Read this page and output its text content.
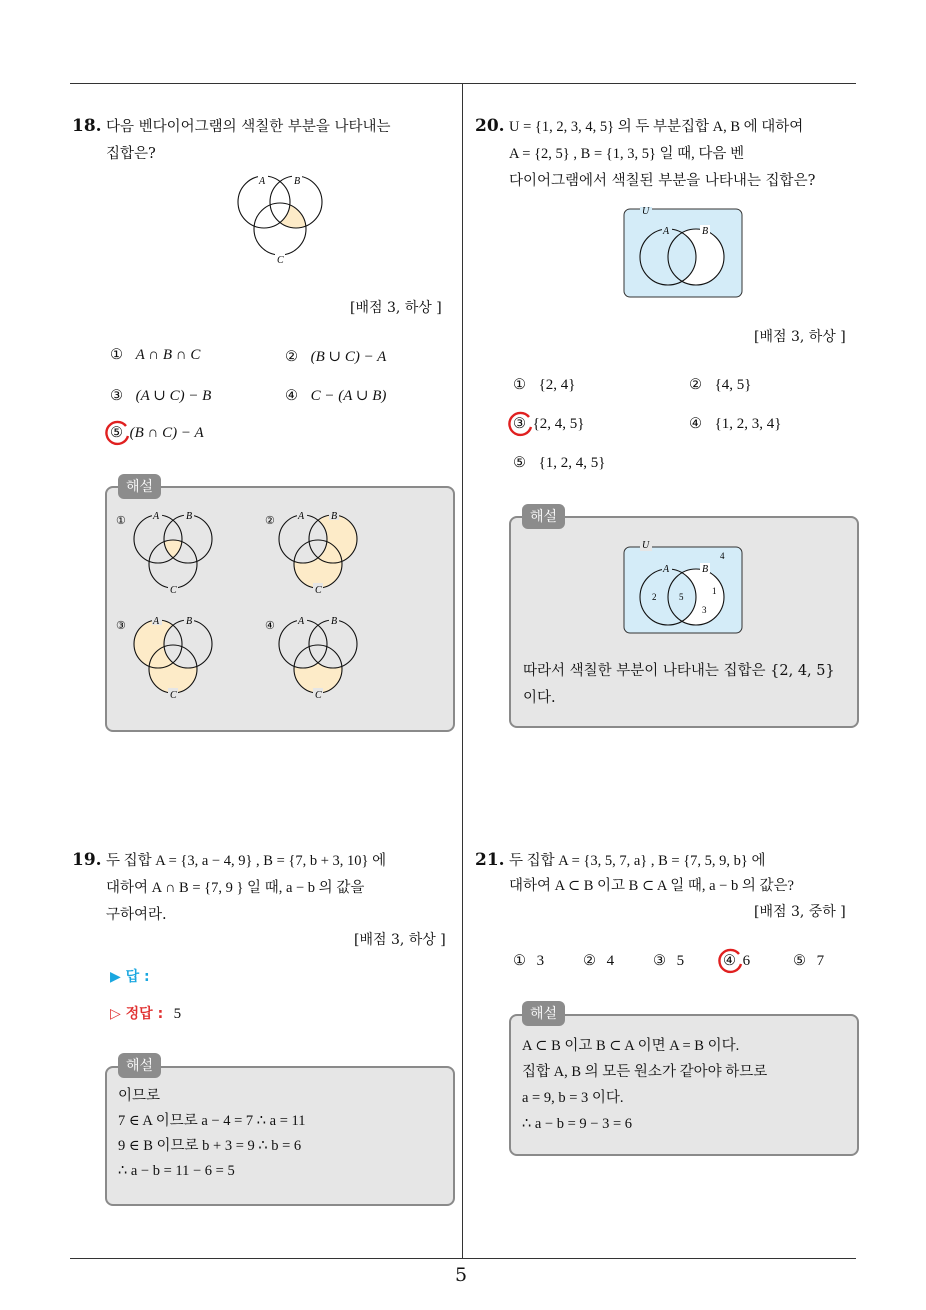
5
18. 다음 벤다이어그램의 색칠한 부분을 나타내는
집합은?
A	B
C
[배점 3, 하상 ]
① A ∩ B ∩ C	② (B ∪ C) − A
③ (A ∪ C) − B	④ C − (A ∪ B)
⑤ (B ∩ C) − A
해설
A	B
C
A	B
C
A	B
C
A	B
C
①	②
③	④
19. 두 집합 A = {3, a − 4, 9} , B = {7, b + 3, 10} 에
대하여 A ∩ B = {7, 9 } 일 때, a − b 의 값을
구하여라.
[배점 3, 하상 ]
▶ 답 :
▷ 정답 : 5
해설
이므로
7 ∈ A 이므로 a − 4 = 7 ∴ a = 11
9 ∈ B 이므로 b + 3 = 9 ∴ b = 6
∴ a − b = 11 − 6 = 5
20. U = {1, 2, 3, 4, 5} 의 두 부분집합 A, B 에 대하여
A = {2, 5} , B = {1, 3, 5} 일 때, 다음 벤
다이어그램에서 색칠된 부분을 나타내는 집합은?
U
A	B
[배점 3, 하상 ]
① {2, 4}	② {4, 5}
③ {2, 4, 5}	④ {1, 2, 3, 4}
⑤ {1, 2, 4, 5}
해설
U
A	B
4
2	5
1
3
따라서 색칠한 부분이 나타내는 집합은 {2, 4, 5}
이다.
21. 두 집합 A = {3, 5, 7, a} , B = {7, 5, 9, b} 에
대하여 A ⊂ B 이고 B ⊂ A 일 때, a − b 의 값은?
[배점 3, 중하 ]
① 3	② 4	③ 5	④ 6	⑤ 7
해설
A ⊂ B 이고 B ⊂ A 이면 A = B 이다.
집합 A, B 의 모든 원소가 같아야 하므로
a = 9, b = 3 이다.
∴ a − b = 9 − 3 = 6
